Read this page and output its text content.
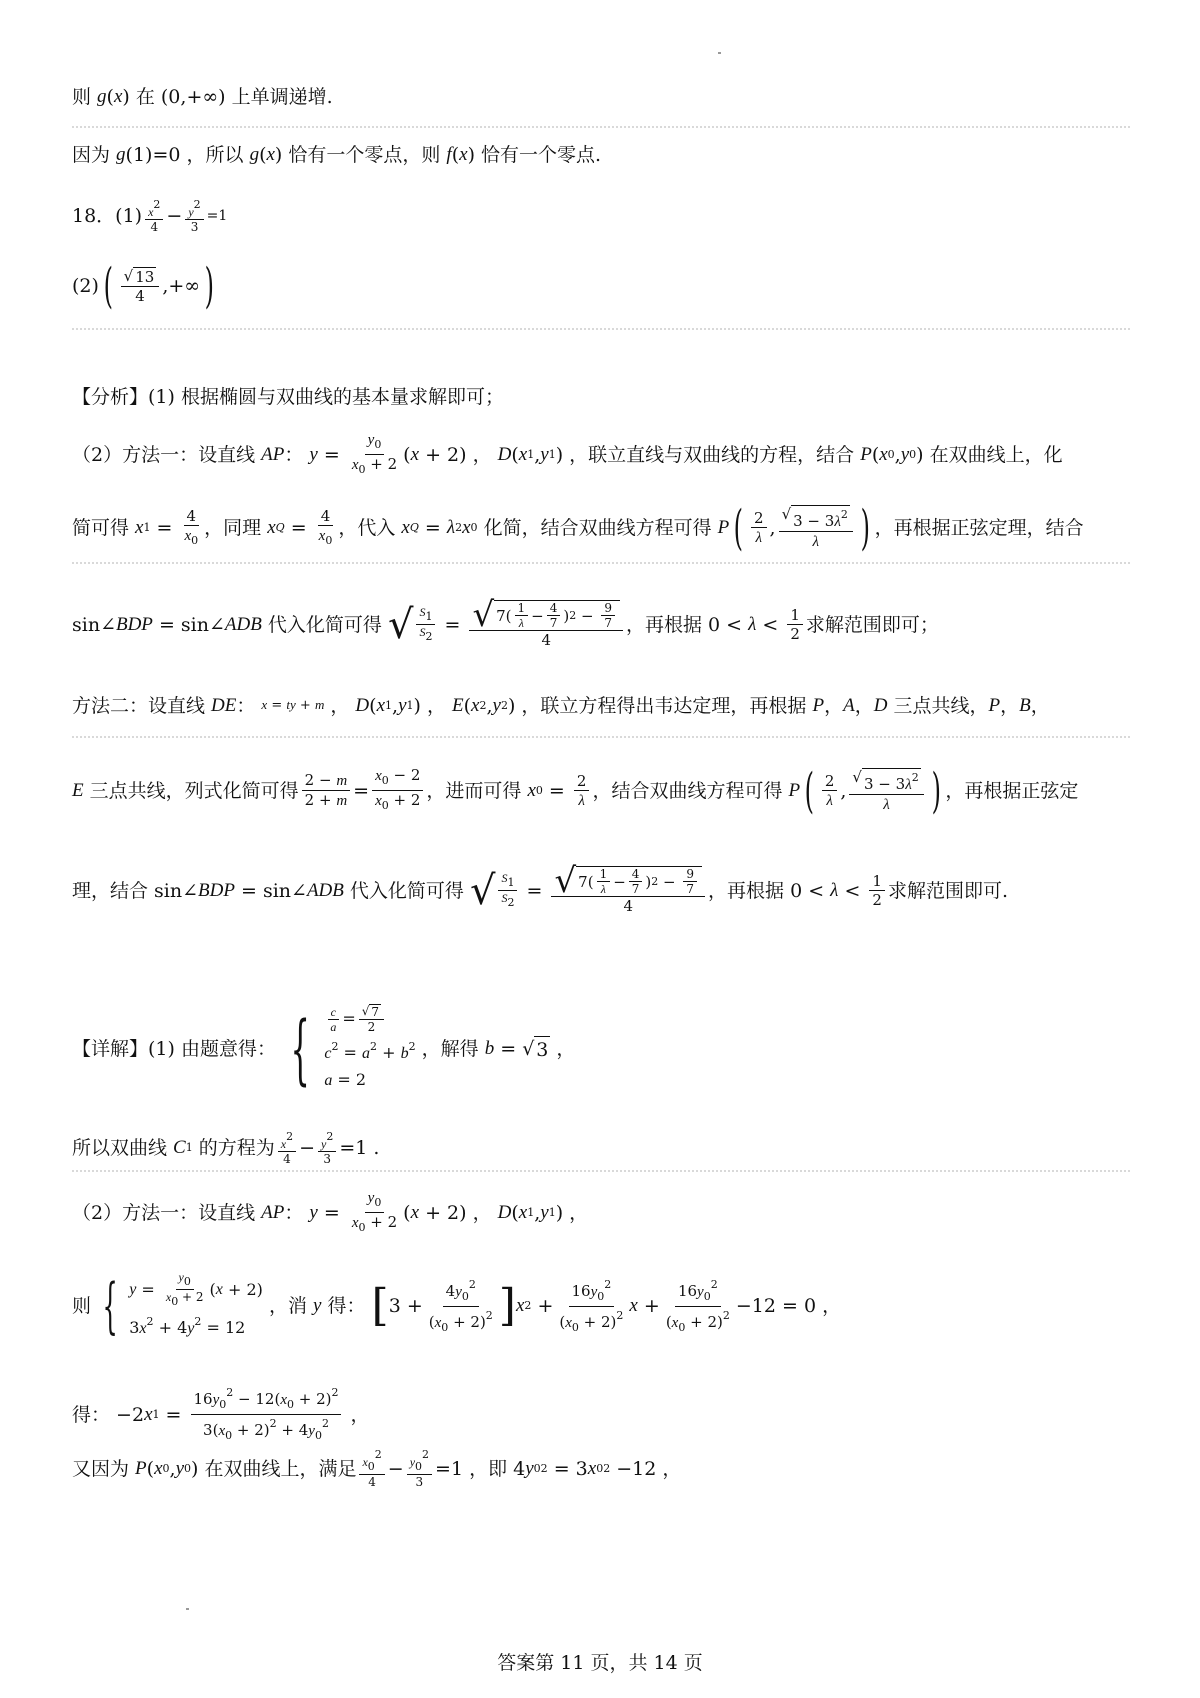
则 g ( x ) 在 (0,+∞) 上单调递增.
因为 g (1)=0 ，所以 g ( x ) 恰有一个零点，则 f ( x ) 恰有一个零点.
18．$(1) \frac{x2}{4} - \frac{y2}{3} =1$
(2) ( $\frac{√ 13}{4}$ ,+∞ )
【分析】(1) 根据椭圆与双曲线的基本量求解即可；
（2）方法一：设直线 AP ： $y = \frac{y_0}{x_0 + 2}$ ( x + 2) ， D ( x 1 , y 1 ) ，联立直线与双曲线的方程，结合 P ( x 0 , y 0 ) 在双曲线上，化
简可得 x $1 = \frac{4}{x_0}$ ，同理 x $Q = \frac{4}{x_0}$ ，代入 x Q = λ 2 x 0 化简，结合双曲线方程可得 P ( $\frac{2}{\lambda}$ , $\frac{√ 3 - 3\lambda^2}{\lambda}$ ) ，再根据正弦定理，结合
sin∠ BDP = sin∠ ADB 代入化简可得 √ $\frac{S1}{S2} = \frac{√ 7( \frac{1}{\lambda} - \frac{4}{7} ) 2 - \frac{9}{7}}{4}$ ，再根据 $0 < \lambda < \frac{1}{2}$ 求解范围即可；
方法二：设直线 DE ： x = ty + m ， D ( x 1 , y 1 ) ， E ( x 2 , y 2 ) ，联立方程得出韦达定理，再根据 P ， A ， D 三点共线， P ， B ，
E 三点共线，列式化简可得 $\frac{2 - m}{2 + m} = \frac{x_0 - 2}{x_0 + 2}$ ，进而可得 x $0 = \frac{2}{\lambda}$ ，结合双曲线方程可得 P ( $\frac{2}{\lambda}$ , $\frac{√ 3 - 3\lambda^2}{\lambda}$ ) ，再根据正弦定
理，结合 sin∠ BDP = sin∠ ADB 代入化简可得 √ $\frac{S1}{S2} = \frac{√ 7( \frac{1}{\lambda} - \frac{4}{7} ) 2 - \frac{9}{7}}{4}$ ，再根据 $0 < \lambda < \frac{1}{2}$ 求解范围即可.
【详解】(1) 由题意得： { $\frac{c}{a} = \frac{√ 7}{2}$
$c^2 = a^2 + b^2$
a = 2
，解得 b = √ 3 ，
所以双曲线 C 1 的方程为 $\frac{x2}{4} - \frac{y2}{3} =1$ .
（2）方法一：设直线 AP ： $y = \frac{y_0}{x_0 + 2}$ ( x + 2) ， D ( x 1 , y 1 ) ，
则 { $y = \frac{y0}{x0 + 2}$ ( x + 2)
$3x^2 + 4y^2 = 12$
，消 y 得： [ $3 + \frac{4y_0^2}{(x_0 + 2)^2}$ ] x $2 + \frac{16y_0^2}{(x_0 + 2)^2}$ $x + \frac{16y_0^2}{(x_0 + 2)^2} -12 = 0$ ，
得： −2 x $1 = \frac{16y_0^2 - 12(x_0 + 2)^2}{3(x_0 + 2)^2 + 4y_0^2}$ ，
又因为 P ( x 0 , y 0 ) 在双曲线上，满足 $\frac{x02}{4} - \frac{y02}{3} =1$ ，即 4 y 0 2 = 3 x 0 2 −12 ，
答案第 11 页，共 14 页
